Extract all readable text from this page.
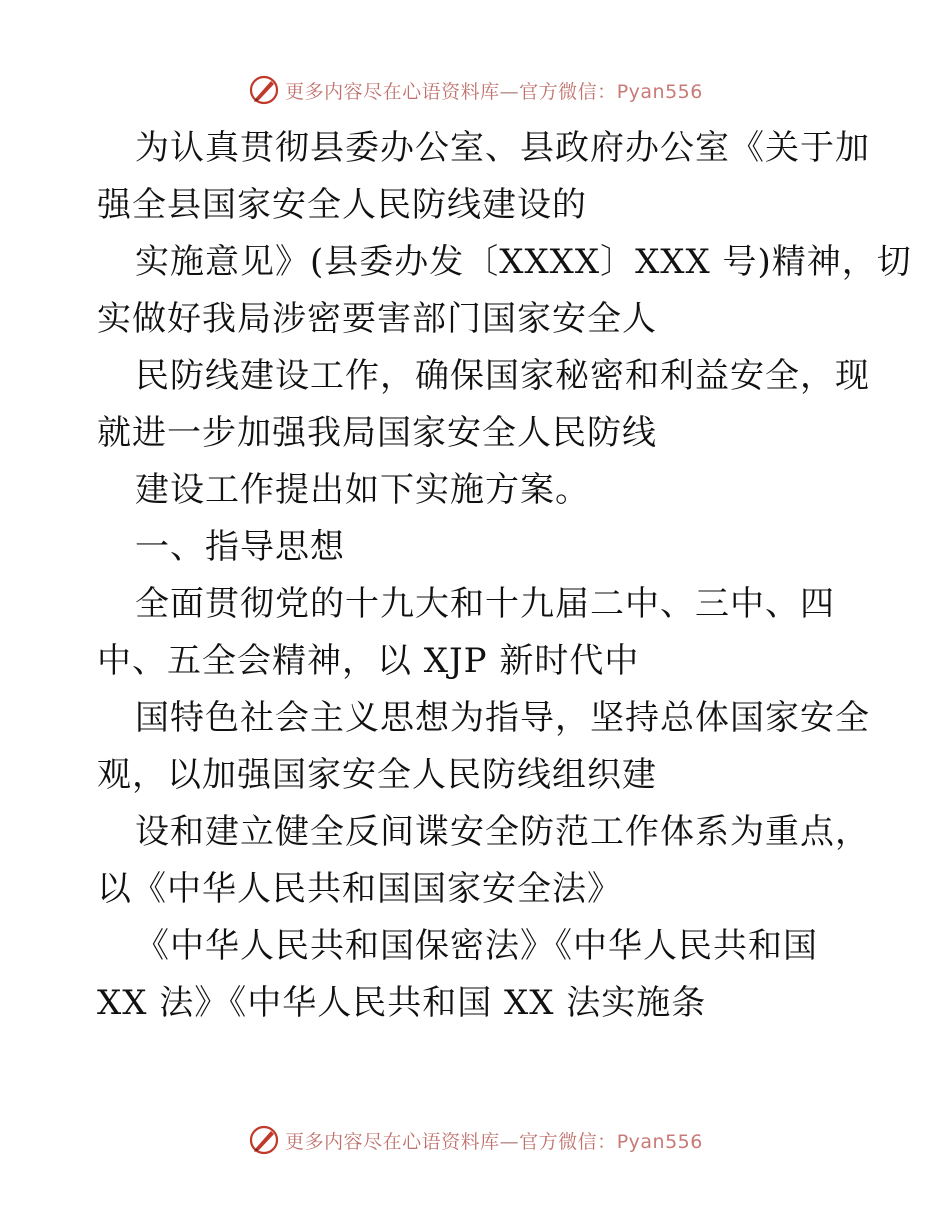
更多内容尽在心语资料库—官方微信：Pyan556
为认真贯彻县委办公室、县政府办公室《关于加
强全县国家安全人民防线建设的
实施意见》(县委办发〔XXXX〕XXX 号)精神，切
实做好我局涉密要害部门国家安全人
民防线建设工作，确保国家秘密和利益安全，现
就进一步加强我局国家安全人民防线
建设工作提出如下实施方案。
一、指导思想
全面贯彻党的十九大和十九届二中、三中、四
中、五全会精神，以 XJP 新时代中
国特色社会主义思想为指导，坚持总体国家安全
观，以加强国家安全人民防线组织建
设和建立健全反间谍安全防范工作体系为重点，
以《中华人民共和国国家安全法》
《中华人民共和国保密法》《中华人民共和国
XX 法》《中华人民共和国 XX 法实施条
更多内容尽在心语资料库—官方微信：Pyan556
